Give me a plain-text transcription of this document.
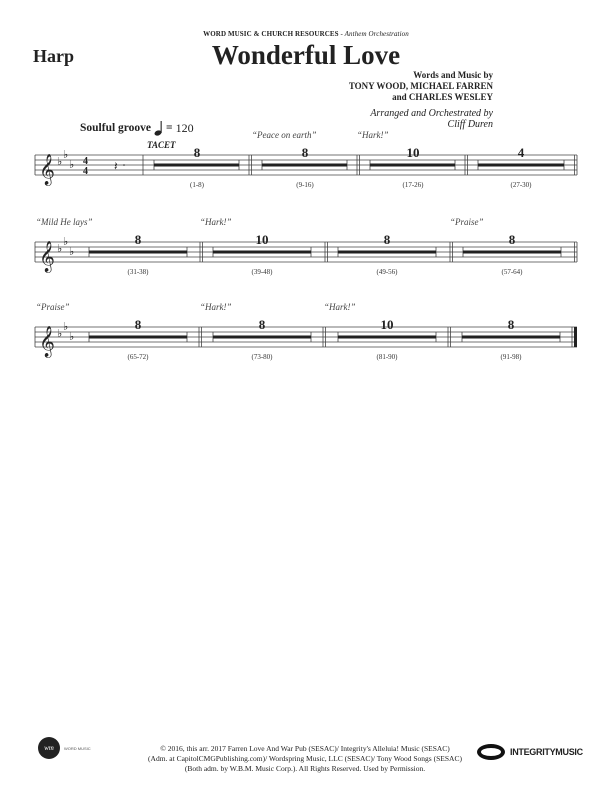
Harp
WORD MUSIC & CHURCH RESOURCES - Anthem Orchestration
Wonderful Love
Words and Music by
TONY WOOD, MICHAEL FARREN
and CHARLES WESLEY
Arranged and Orchestrated by
Cliff Duren
Soulful groove = 120
𝄞 ♭
♭
♭ 4
4 𝄽
TACET
“Peace on earth”	“Hark!”
8	8	10	4
(1-8)	(9-16)	(17-26)	(27-30)
𝄞 ♭
♭
♭
“Mild He lays”	“Hark!”	“Praise”
8	10	8	8
(31-38)	(39-48)	(49-56)	(57-64)
𝄞 ♭
♭
♭
“Praise”	“Hark!”	“Hark!”
8	8	10	8
(65-72)	(73-80)	(81-90)	(91-98)
wm	WORD MUSIC	© 2016, this arr. 2017 Farren Love And War Pub (SESAC)/ Integrity's Alleluia! Music (SESAC)
(Adm. at CapitolCMGPublishing.com)/ Wordspring Music, LLC (SESAC)/ Tony Wood Songs (SESAC)
(Both adm. by W.B.M. Music Corp.). All Rights Reserved. Used by Permission.
INTEGRITYMUSIC
